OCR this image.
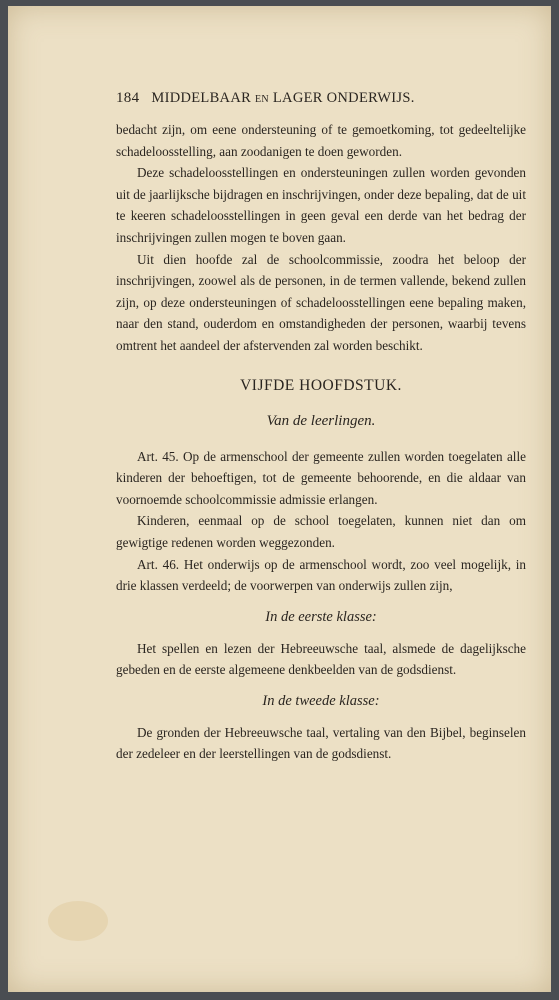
184 MIDDELBAAR EN LAGER ONDERWIJS.

bedacht zijn, om eene ondersteuning of te gemoetkoming, tot gedeeltelijke schadeloosstelling, aan zoodanigen te doen geworden.

Deze schadeloosstellingen en ondersteuningen zullen worden gevonden uit de jaarlijksche bijdragen en inschrijvingen, onder deze bepaling, dat de uit te keeren schadeloosstellingen in geen geval een derde van het bedrag der inschrijvingen zullen mogen te boven gaan.

Uit dien hoofde zal de schoolcommissie, zoodra het beloop der inschrijvingen, zoowel als de personen, in de termen vallende, bekend zullen zijn, op deze ondersteuningen of schadeloosstellingen eene bepaling maken, naar den stand, ouderdom en omstandigheden der personen, waarbij tevens omtrent het aandeel der afstervenden zal worden beschikt.

VIJFDE HOOFDSTUK.
Van de leerlingen.

Art. 45. Op de armenschool der gemeente zullen worden toegelaten alle kinderen der behoeftigen, tot de gemeente behoorende, en die aldaar van voornoemde schoolcommissie admissie erlangen.

Kinderen, eenmaal op de school toegelaten, kunnen niet dan om gewigtige redenen worden weggezonden.

Art. 46. Het onderwijs op de armenschool wordt, zoo veel mogelijk, in drie klassen verdeeld; de voorwerpen van onderwijs zullen zijn,

In de eerste klasse:

Het spellen en lezen der Hebreeuwsche taal, alsmede de dagelijksche gebeden en de eerste algemeene denkbeelden van de godsdienst.

In de tweede klasse:

De gronden der Hebreeuwsche taal, vertaling van den Bijbel, beginselen der zedeleer en der leerstellingen van de godsdienst.
